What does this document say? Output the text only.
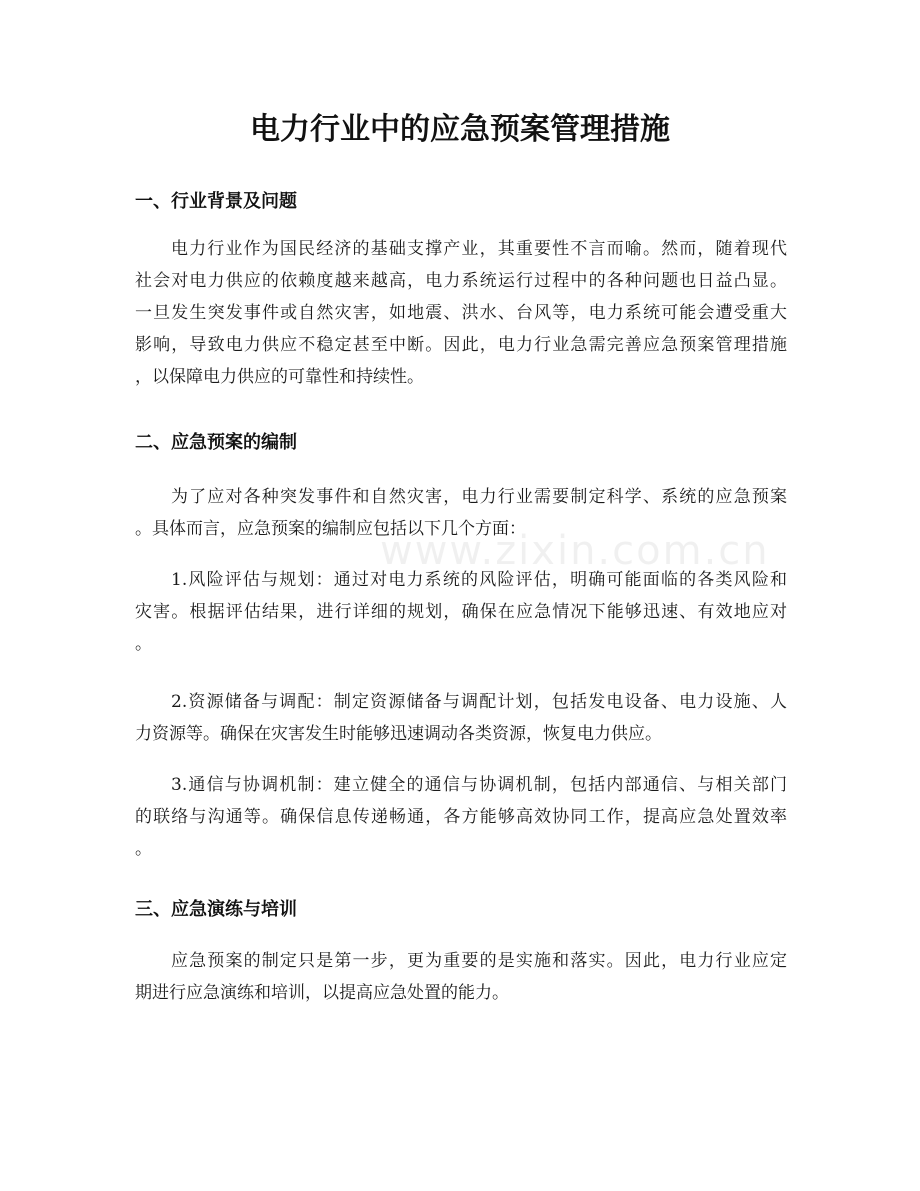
电力行业中的应急预案管理措施
一、行业背景及问题
电力行业作为国民经济的基础支撑产业，其重要性不言而喻。然而，随着现代
社会对电力供应的依赖度越来越高，电力系统运行过程中的各种问题也日益凸显。
一旦发生突发事件或自然灾害，如地震、洪水、台风等，电力系统可能会遭受重大
影响，导致电力供应不稳定甚至中断。因此，电力行业急需完善应急预案管理措施
，以保障电力供应的可靠性和持续性。
二、应急预案的编制
为了应对各种突发事件和自然灾害，电力行业需要制定科学、系统的应急预案
。具体而言，应急预案的编制应包括以下几个方面：
1.风险评估与规划：通过对电力系统的风险评估，明确可能面临的各类风险和
灾害。根据评估结果，进行详细的规划，确保在应急情况下能够迅速、有效地应对
。
2.资源储备与调配：制定资源储备与调配计划，包括发电设备、电力设施、人
力资源等。确保在灾害发生时能够迅速调动各类资源，恢复电力供应。
3.通信与协调机制：建立健全的通信与协调机制，包括内部通信、与相关部门
的联络与沟通等。确保信息传递畅通，各方能够高效协同工作，提高应急处置效率
。
三、应急演练与培训
应急预案的制定只是第一步，更为重要的是实施和落实。因此，电力行业应定
期进行应急演练和培训，以提高应急处置的能力。
www.zixin.com.cn
